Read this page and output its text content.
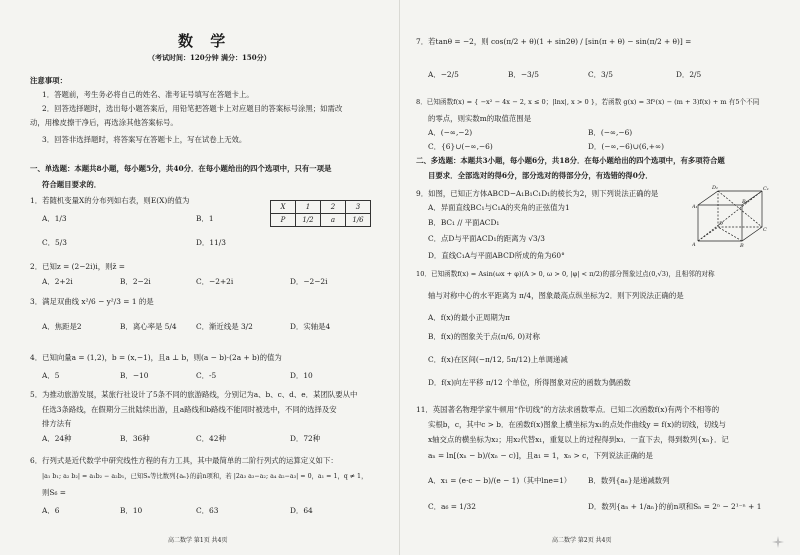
数 学
（考试时间：120分钟 满分：150分）
注意事项：
1．答题前，考生务必将自己的姓名、准考证号填写在答题卡上。
2．回答选择题时，选出每小题答案后，用铅笔把答题卡上对应题目的答案标号涂黑；如需改
动，用橡皮擦干净后，再选涂其他答案标号。
3．回答非选择题时，将答案写在答题卡上，写在试卷上无效。
一、单选题：本题共8小题，每小题5分，共40分．在每小题给出的四个选项中，只有一项是
符合题目要求的．
1．若随机变量X的分布列如右表，则E(X)的值为
A．1/3	B．1
C．5/3	D．11/3
X	1	2	3
P	1/2	a	1/6
2．已知z = (2−2i)i，则z̄ =
A．2+2i	B．2−2i	C．−2+2i	D．−2−2i
3．满足双曲线 x²/6 − y²/3 = 1 的是
A．焦距是2	B．离心率是 5/4	C．渐近线是 3/2	D．实轴是4
4．已知向量a = (1,2)，b = (x,−1)，且a ⊥ b，则(a − b)·(2a + b)的值为
A．5	B．−10	C．-5	D．10
5．为推动旅游发展，某旅行社设计了5条不同的旅游路线，分别记为a、b、c、d、e．某团队要从中
任选3条路线，在假期分三批陆续出游，且a路线和b路线不能同时被选中，不同的选择及安
排方法有
A．24种	B．36种	C．42种	D．72种
6．行列式是近代数学中研究线性方程的有力工具，其中最简单的二阶行列式的运算定义如下：
|a₁ b₁; a₂ b₂| = a₁b₂ − a₂b₁，已知Sₙ等比数列{aₙ}的前n项和，若 |2a₃ a₃−a₂; a₄ a₂−a₃| = 0，a₁ = 1，q ≠ 1，
则S₆ =
A．6	B．10	C．63	D．64
高二数学 第1页 共4页
7．若tanθ = −2，则 cos(π/2 + θ)(1 + sin2θ) / [sin(π + θ) − sin(π/2 + θ)] =
A．−2/5	B．−3/5	C．3/5	D．2/5
8．已知函数f(x) = { −x² − 4x − 2, x ≤ 0；|lnx|, x > 0 }，若函数 g(x) = 3f²(x) − (m + 3)f(x) + m 有5个不同
的零点，则实数m的取值范围是
A．(−∞,−2)	B．(−∞,−6)
C．{6}∪(−∞,−6)	D．(−∞,−6)∪(6,+∞)
二、多选题：本题共3小题，每小题6分，共18分．在每小题给出的四个选项中，有多项符合题
目要求．全部选对的得6分，部分选对的得部分分，有选错的得0分．
9．如图，已知正方体ABCD−A₁B₁C₁D₁的棱长为2，则下列说法正确的是
A．异面直线BC₁与C₁A的夹角的正弦值为1
B．BC₁ // 平面ACD₁
C．点D与平面ACD₁的距离为 √3/3
D．直线C₁A与平面ABCD所成的角为60°
A₁
B₁
C₁
D₁
A	B
C
D
10．已知函数f(x) = Asin(ωx + φ)(A > 0, ω > 0, |φ| < π/2)的部分图象过点(0,√3)，且相邻的对称
轴与对称中心的水平距离为 π/4，图象最高点纵坐标为2．则下列说法正确的是
A．f(x)的最小正周期为π
B．f(x)的图象关于点(π/6, 0)对称
C．f(x)在区间(−π/12, 5π/12)上单调递减
D．f(x)向左平移 π/12 个单位，所得图象对应的函数为偶函数
11．英国著名物理学家牛顿用“作切线”的方法求函数零点．已知二次函数f(x)有两个不相等的
实根b，c，其中c > b．在函数f(x)图象上横坐标为x₁的点处作曲线y = f(x)的切线，切线与
x轴交点的横坐标为x₂；用x₂代替x₁，重复以上的过程得到x₃．一直下去，得到数列{xₙ}．记
aₙ = ln[(xₙ − b)/(xₙ − c)]，且a₁ = 1，xₙ > c，下列说法正确的是
A．x₁ = (e·c − b)/(e − 1)（其中lne=1） B．数列{aₙ}是递减数列
C．a₆ = 1/32	D．数列{aₙ + 1/aₙ}的前n项和Sₙ = 2ⁿ − 2¹⁻ⁿ + 1
高二数学 第2页 共4页
